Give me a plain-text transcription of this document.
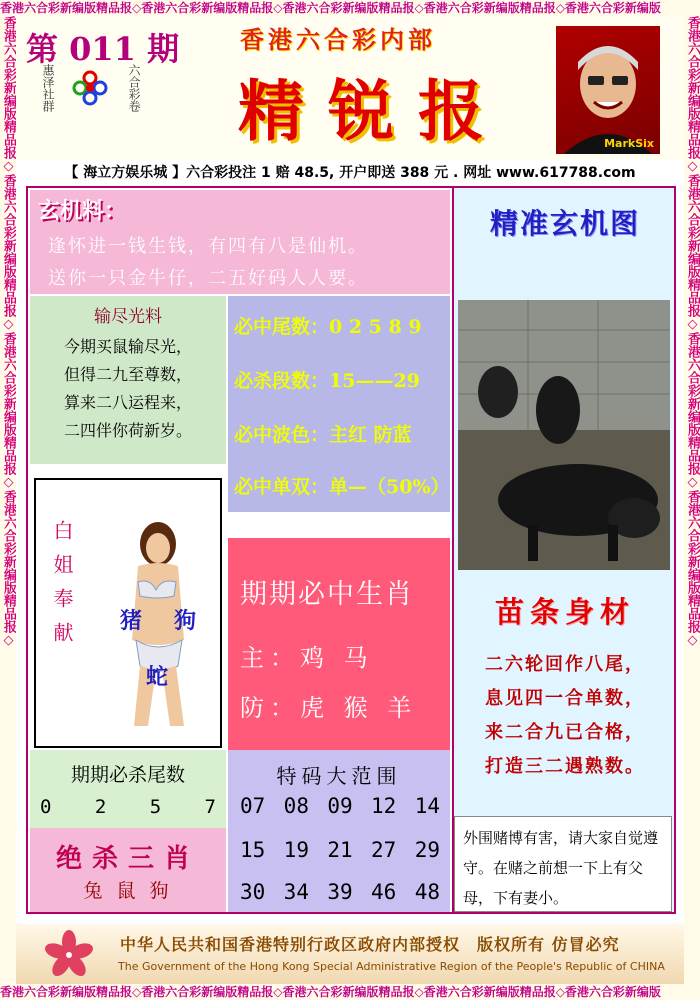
香港六合彩新编版精品报◇香港六合彩新编版精品报◇香港六合彩新编版精品报◇香港六合彩新编版精品报◇香港六合彩新编版
香港六合彩新编版精品报◇香港六合彩新编版精品报◇香港六合彩新编版精品报◇香港六合彩新编版精品报◇	香港六合彩新编版精品报◇香港六合彩新编版精品报◇香港六合彩新编版精品报◇香港六合彩新编版精品报◇
香港六合彩新编版精品报◇香港六合彩新编版精品报◇香港六合彩新编版精品报◇香港六合彩新编版精品报◇香港六合彩新编版
第 011 期
惠泽社群	六合彩卷
香港六合彩内部
精锐报	MarkSix
【 海立方娱乐城 】六合彩投注 1 赔 48.5, 开户即送 388 元 . 网址 www.617788.com
玄机料：
逢怀进一钱生钱，有四有八是仙机。
送你一只金牛仔，二五好码人人要。
输尽光料
今期买鼠输尽光，
但得二九至尊数，
算来二八运程来，
二四伴你荷新岁。
必中尾数：0 2 5 8 9
必杀段数：15——29
必中波色：主红 防蓝
必中单双：单—（50%）
白姐奉献 猪 狗
蛇
期期必中生肖
主：鸡 马
防：虎 猴 羊
期期必杀尾数
0 2 5 7
绝杀三肖
兔 鼠 狗
特码大范围
07 08 09 12 14
15 19 21 27 29
30 34 39 46 48
精准玄机图
苗条身材
二六轮回作八尾，
息见四一合单数，
来二合九已合格，
打造三二遇熟数。
外围赌博有害，请大家自觉遵守。在赌之前想一下上有父母，下有妻小。
中华人民共和国香港特别行政区政府内部授权　版权所有 仿冒必究
The Government of the Hong Kong Special Administrative Region of the People's Republic of CHINA
